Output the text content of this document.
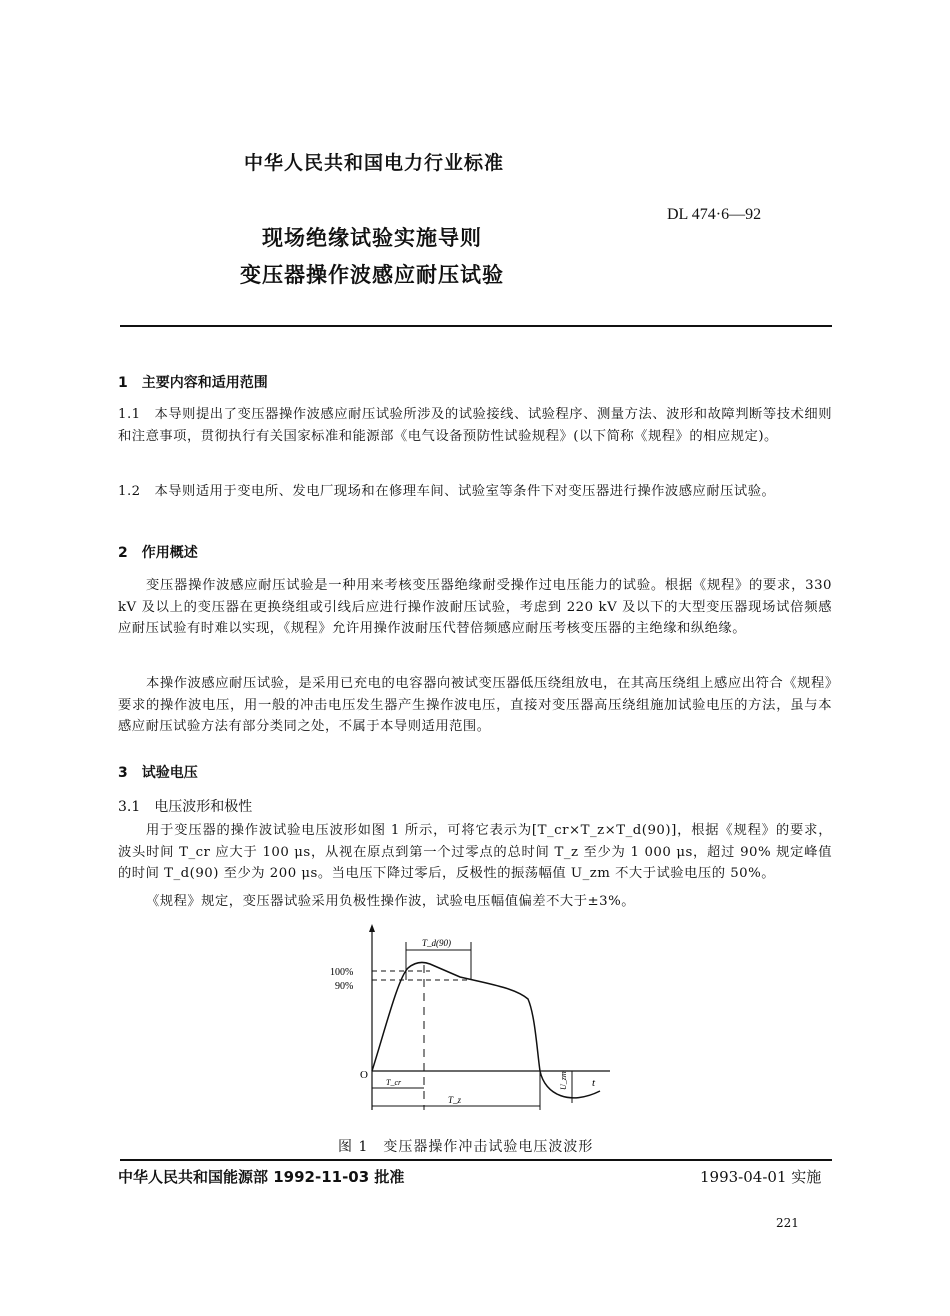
中华人民共和国电力行业标准
DL 474·6—92
现场绝缘试验实施导则
变压器操作波感应耐压试验
1　主要内容和适用范围
1.1　本导则提出了变压器操作波感应耐压试验所涉及的试验接线、试验程序、测量方法、波形和故障判断等技术细则和注意事项，贯彻执行有关国家标准和能源部《电气设备预防性试验规程》(以下简称《规程》的相应规定)。
1.2　本导则适用于变电所、发电厂现场和在修理车间、试验室等条件下对变压器进行操作波感应耐压试验。
2　作用概述
变压器操作波感应耐压试验是一种用来考核变压器绝缘耐受操作过电压能力的试验。根据《规程》的要求，330 kV 及以上的变压器在更换绕组或引线后应进行操作波耐压试验，考虑到 220 kV 及以下的大型变压器现场试倍频感应耐压试验有时难以实现，《规程》允许用操作波耐压代替倍频感应耐压考核变压器的主绝缘和纵绝缘。
本操作波感应耐压试验，是采用已充电的电容器向被试变压器低压绕组放电，在其高压绕组上感应出符合《规程》要求的操作波电压，用一般的冲击电压发生器产生操作波电压，直接对变压器高压绕组施加试验电压的方法，虽与本感应耐压试验方法有部分类同之处，不属于本导则适用范围。
3　试验电压
3.1　电压波形和极性
用于变压器的操作波试验电压波形如图 1 所示，可将它表示为[T_cr×T_z×T_d(90)]，根据《规程》的要求，波头时间 T_cr 应大于 100 μs，从视在原点到第一个过零点的总时间 T_z 至少为 1 000 μs，超过 90% 规定峰值的时间 T_d(90) 至少为 200 μs。当电压下降过零后，反极性的振荡幅值 U_zm 不大于试验电压的 50%。
《规程》规定，变压器试验采用负极性操作波，试验电压幅值偏差不大于±3%。
100%
90%
O
t
T_d(90)
T_cr
T_z
U_zm
图 1　变压器操作冲击试验电压波波形
中华人民共和国能源部 1992-11-03 批准	1993-04-01 实施
221
